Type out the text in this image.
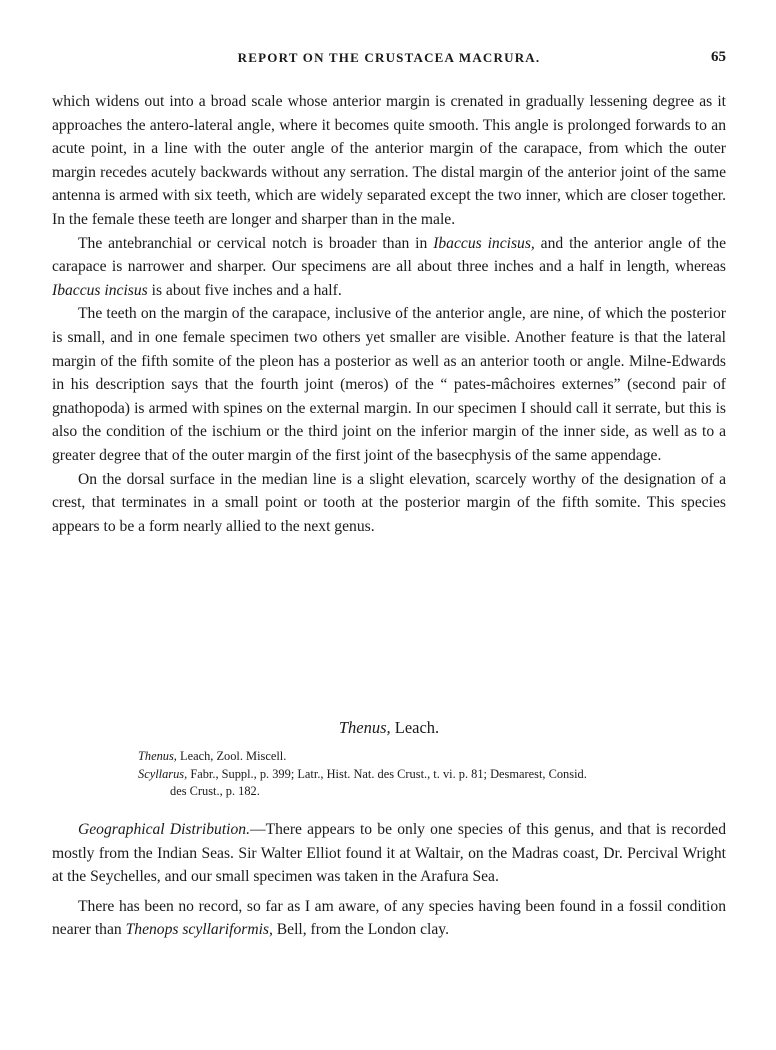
REPORT ON THE CRUSTACEA MACRURA.	65

which widens out into a broad scale whose anterior margin is crenated in gradually lessening degree as it approaches the antero-lateral angle, where it becomes quite smooth. This angle is prolonged forwards to an acute point, in a line with the outer angle of the anterior margin of the carapace, from which the outer margin recedes acutely backwards without any serration. The distal margin of the anterior joint of the same antenna is armed with six teeth, which are widely separated except the two inner, which are closer together. In the female these teeth are longer and sharper than in the male.

The antebranchial or cervical notch is broader than in Ibaccus incisus, and the anterior angle of the carapace is narrower and sharper. Our specimens are all about three inches and a half in length, whereas Ibaccus incisus is about five inches and a half.

The teeth on the margin of the carapace, inclusive of the anterior angle, are nine, of which the posterior is small, and in one female specimen two others yet smaller are visible. Another feature is that the lateral margin of the fifth somite of the pleon has a posterior as well as an anterior tooth or angle. Milne-Edwards in his description says that the fourth joint (meros) of the “ pates-mâchoires externes” (second pair of gnathopoda) is armed with spines on the external margin. In our specimen I should call it serrate, but this is also the condition of the ischium or the third joint on the inferior margin of the inner side, as well as to a greater degree that of the outer margin of the first joint of the basecphysis of the same appendage.

On the dorsal surface in the median line is a slight elevation, scarcely worthy of the designation of a crest, that terminates in a small point or tooth at the posterior margin of the fifth somite. This species appears to be a form nearly allied to the next genus.

Thenus, Leach.

Thenus, Leach, Zool. Miscell.

Scyllarus, Fabr., Suppl., p. 399; Latr., Hist. Nat. des Crust., t. vi. p. 81; Desmarest, Consid.

des Crust., p. 182.

Geographical Distribution.—There appears to be only one species of this genus, and that is recorded mostly from the Indian Seas. Sir Walter Elliot found it at Waltair, on the Madras coast, Dr. Percival Wright at the Seychelles, and our small specimen was taken in the Arafura Sea.

There has been no record, so far as I am aware, of any species having been found in a fossil condition nearer than Thenops scyllariformis, Bell, from the London clay.
